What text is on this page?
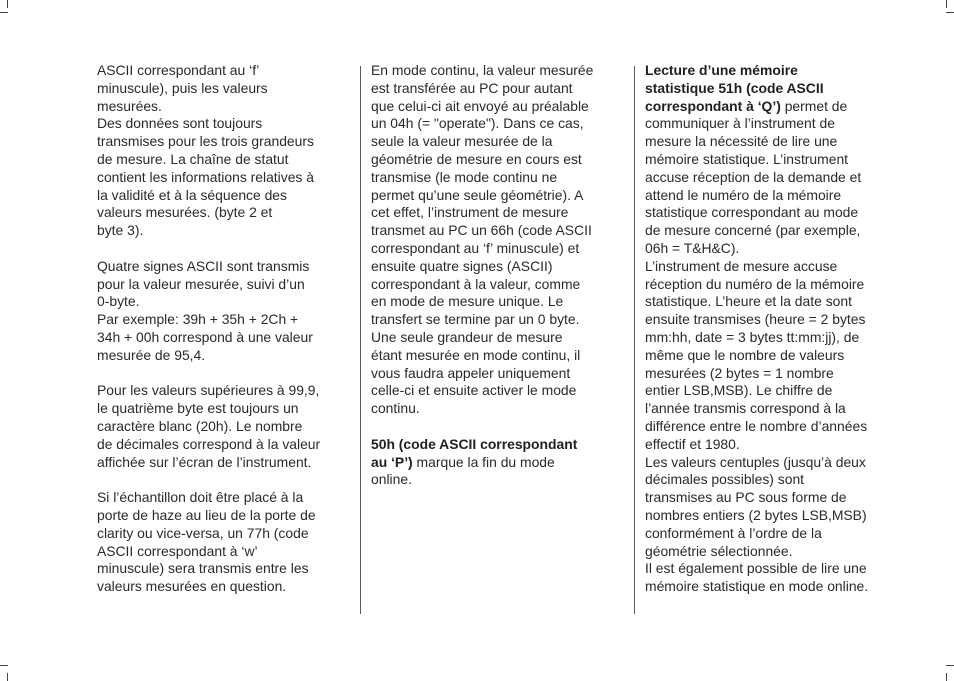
ASCII correspondant au ‘f’
minuscule), puis les valeurs
mesurées.
Des données sont toujours
transmises pour les trois grandeurs
de mesure. La chaîne de statut
contient les informations relatives à
la validité et à la séquence des
valeurs mesurées. (byte 2 et
byte 3).

Quatre signes ASCII sont transmis
pour la valeur mesurée, suivi d’un
0-byte.
Par exemple: 39h + 35h + 2Ch +
34h + 00h correspond à une valeur
mesurée de 95,4.

Pour les valeurs supérieures à 99,9,
le quatrième byte est toujours un
caractère blanc (20h). Le nombre
de décimales correspond à la valeur
affichée sur l’écran de l’instrument.

Si l’échantillon doit être placé à la
porte de haze au lieu de la porte de
clarity ou vice-versa, un 77h (code
ASCII correspondant à ‘w’
minuscule) sera transmis entre les
valeurs mesurées en question.

En mode continu, la valeur mesurée
est transférée au PC pour autant
que celui-ci ait envoyé au préalable
un 04h (= "operate"). Dans ce cas,
seule la valeur mesurée de la
géométrie de mesure en cours est
transmise (le mode continu ne
permet qu’une seule géométrie). A
cet effet, l’instrument de mesure
transmet au PC un 66h (code ASCII
correspondant au ‘f’ minuscule) et
ensuite quatre signes (ASCII)
correspondant à la valeur, comme
en mode de mesure unique. Le
transfert se termine par un 0 byte.
Une seule grandeur de mesure
étant mesurée en mode continu, il
vous faudra appeler uniquement
celle-ci et ensuite activer le mode
continu.

50h (code ASCII correspondant
au ‘P’) marque la fin du mode
online.

Lecture d’une mémoire
statistique 51h (code ASCII
correspondant à ‘Q’) permet de
communiquer à l’instrument de
mesure la nécessité de lire une
mémoire statistique. L’instrument
accuse réception de la demande et
attend le numéro de la mémoire
statistique correspondant au mode
de mesure concerné (par exemple,
06h = T&H&C).
L’instrument de mesure accuse
réception du numéro de la mémoire
statistique. L’heure et la date sont
ensuite transmises (heure = 2 bytes
mm:hh, date = 3 bytes tt:mm:jj), de
même que le nombre de valeurs
mesurées (2 bytes = 1 nombre
entier LSB,MSB). Le chiffre de
l’année transmis correspond à la
différence entre le nombre d’années
effectif et 1980.
Les valeurs centuples (jusqu’à deux
décimales possibles) sont
transmises au PC sous forme de
nombres entiers (2 bytes LSB,MSB)
conformément à l’ordre de la
géométrie sélectionnée.
Il est également possible de lire une
mémoire statistique en mode online.
